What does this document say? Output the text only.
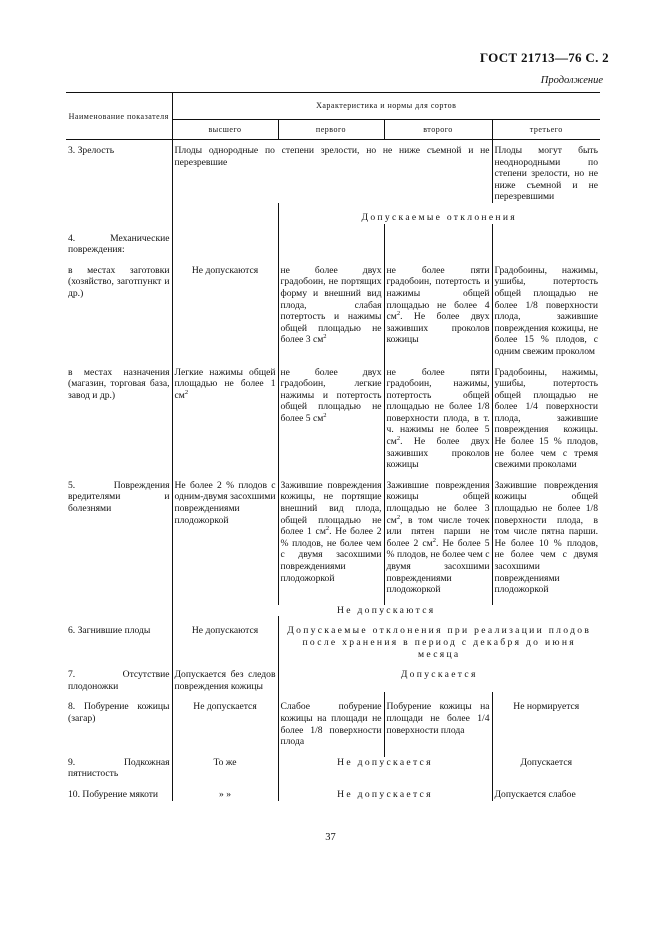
ГОСТ 21713—76 С. 2
Продолжение
Наименование показателя	Характеристика и нормы для сортов			
	высшего	первого	второго	третьего
3. Зрелость	Плоды однородные по степени зрелости, но не ниже съемной и не перезревшие			Плоды могут быть неоднородными по степени зрелости, но не ниже съемной и не перезревшими

		Допускаемые отклонения		

4. Механические повреждения:				

в местах заготовки (хозяйство, заготпункт и др.)	Не допускаются	не более двух градобоин, не портящих форму и внешний вид плода, слабая потертость и нажимы общей площадью не более 3 $см^2$	не более пяти градобоин, потертость и нажимы общей площадью не более 4 $см^2$. Не более двух заживших проколов кожицы	Градобоины, нажимы, ушибы, потертость общей площадью не более 1/8 поверхности плода, зажившие повреждения кожицы, не более 15 % плодов, с одним свежим проколом

в местах назначения (магазин, торговая база, завод и др.)	Легкие нажимы общей площадью не более 1 $см^2$	не более двух градобоин, легкие нажимы и потертость общей площадью не более 5 $см^2$	не более пяти градобоин, нажимы, потертость общей площадью не более 1/8 поверхности плода, в т. ч. нажимы не более 5 $см^2$. Не более двух заживших проколов кожицы	Градобоины, нажимы, ушибы, потертость общей площадью не более 1/4 поверхности плода, зажившие повреждения кожицы. Не более 15 % плодов, не более чем с тремя свежими проколами

5. Повреждения вредителями и болезнями	Не более 2 % плодов с одним-двумя засохшими повреждениями плодожоркой	Зажившие повреждения кожицы, не портящие внешний вид плода, общей площадью не более 1 $см^2$. Не более 2 % плодов, не более чем с двумя засохшими повреждениями плодожоркой	Зажившие повреждения кожицы общей площадью не более 3 $см^2$, в том числе точек или пятен парши не более 2 $см^2$. Не более 5 % плодов, не более чем с двумя засохшими повреждениями плодожоркой	Зажившие повреждения кожицы общей площадью не более 1/8 поверхности плода, в том числе пятна парши. Не более 10 % плодов, не более чем с двумя засохшими повреждениями плодожоркой

	Не допускаются			

6. Загнившие плоды	Не допускаются	Допускаемые отклонения при реализации плодов после хранения в период с декабря до июня месяца		

7. Отсутствие плодоножки	Допускается без следов повреждения кожицы	Допускается		

8. Побурение кожицы (загар)	Не допускается	Слабое побурение кожицы на площади не более 1/8 поверхности плода	Побурение кожицы на площади не более 1/4 поверхности плода	Не нормируется

9. Подкожная пятнистость	То же	Не допускается		Допускается

10. Побурение мякоти	» »	Не допускается		Допускается слабое
37
